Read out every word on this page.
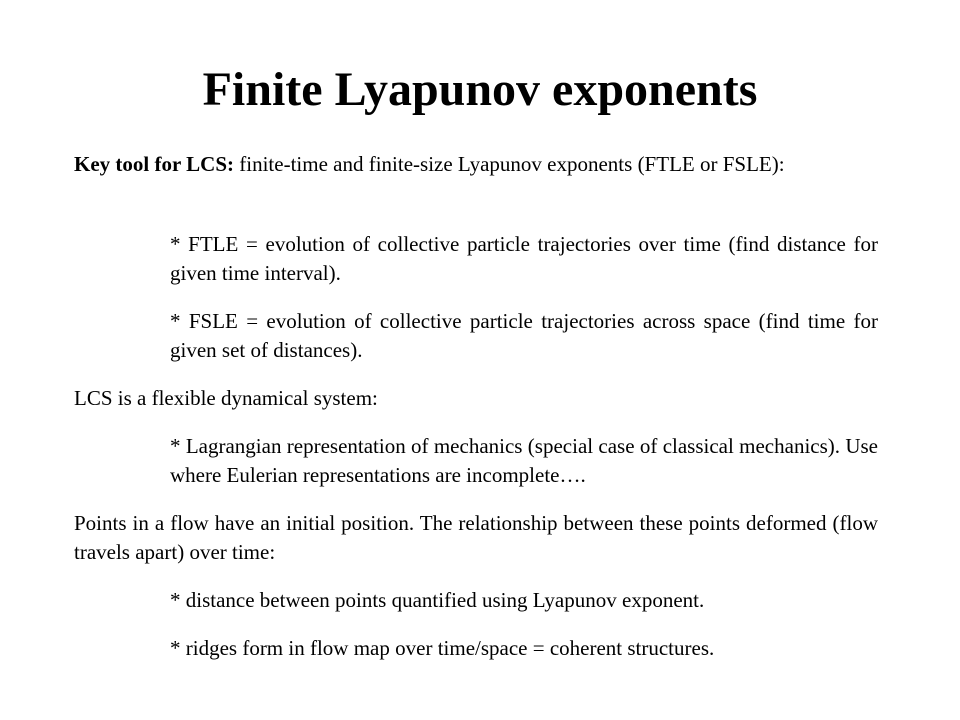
Finite Lyapunov exponents

Key tool for LCS: finite-time and finite-size Lyapunov exponents (FTLE or FSLE):

* FTLE = evolution of collective particle trajectories over time (find distance for given time interval).

* FSLE = evolution of collective particle trajectories across space (find time for given set of distances).

LCS is a flexible dynamical system:

* Lagrangian representation of mechanics (special case of classical mechanics). Use where Eulerian representations are incomplete….

Points in a flow have an initial position. The relationship between these points deformed (flow travels apart) over time:

* distance between points quantified using Lyapunov exponent.

* ridges form in flow map over time/space = coherent structures.
